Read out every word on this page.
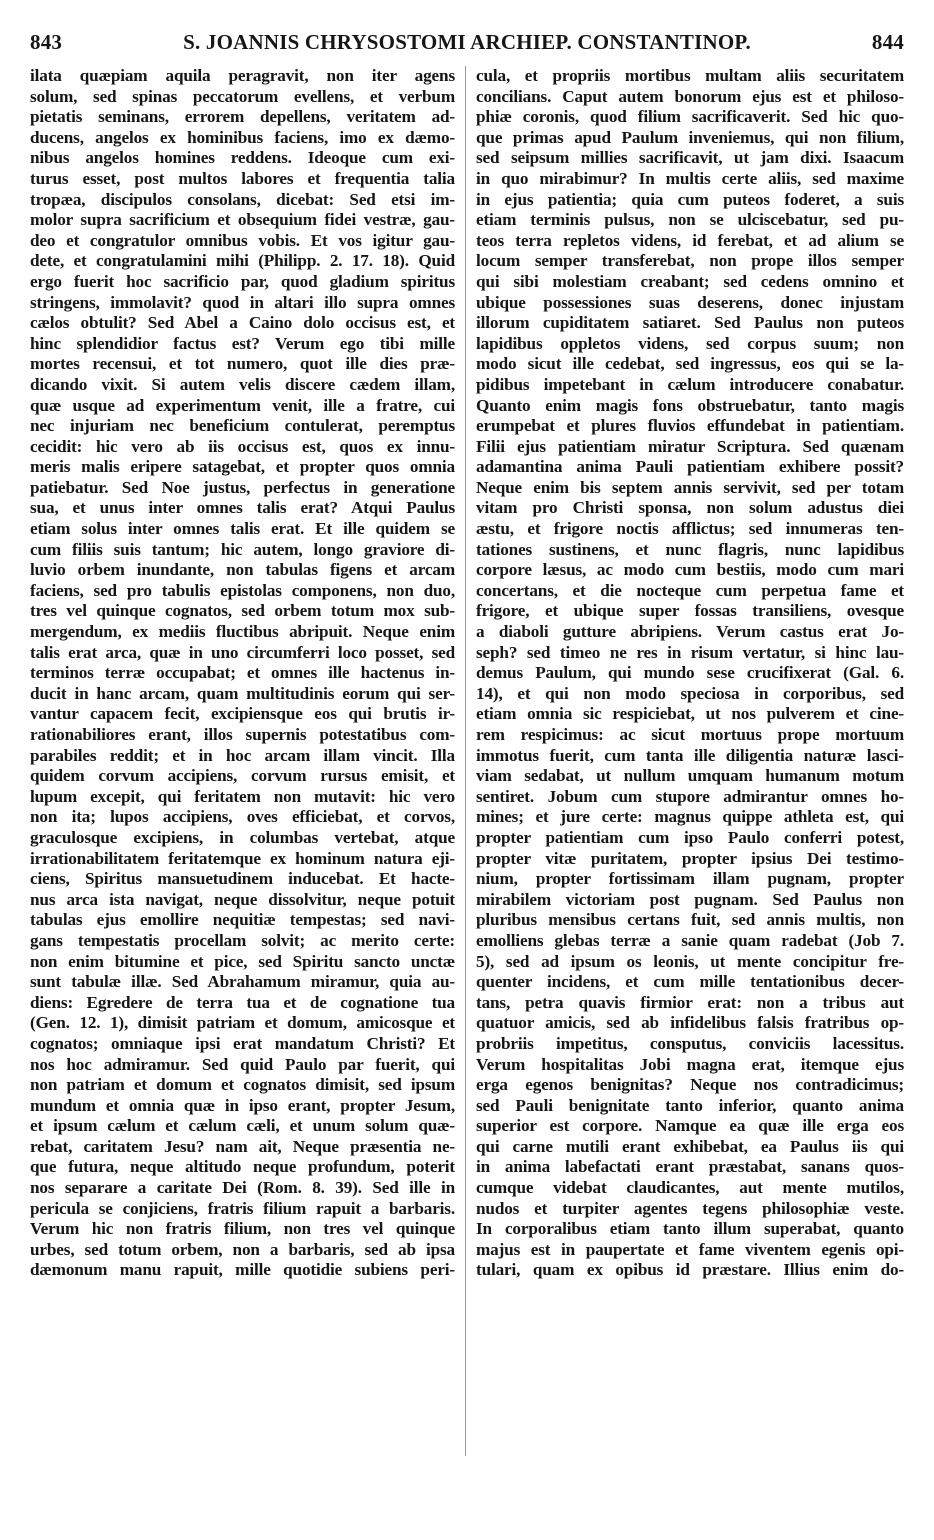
843	S. JOANNIS CHRYSOSTOMI ARCHIEP. CONSTANTINOP.	844
ilata quæpiam aquila peragravit, non iter agens
solum, sed spinas peccatorum evellens, et verbum
pietatis seminans, errorem depellens, veritatem ad-
ducens, angelos ex hominibus faciens, imo ex dæmo-
nibus angelos homines reddens. Ideoque cum exi-
turus esset, post multos labores et frequentia talia
tropæa, discipulos consolans, dicebat: Sed etsi im-
molor supra sacrificium et obsequium fidei vestræ, gau-
deo et congratulor omnibus vobis. Et vos igitur gau-
dete, et congratulamini mihi (Philipp. 2. 17. 18). Quid
ergo fuerit hoc sacrificio par, quod gladium spiritus
stringens, immolavit? quod in altari illo supra omnes
cælos obtulit? Sed Abel a Caino dolo occisus est, et
hinc splendidior factus est? Verum ego tibi mille
mortes recensui, et tot numero, quot ille dies præ-
dicando vixit. Si autem velis discere cædem illam,
quæ usque ad experimentum venit, ille a fratre, cui
nec injuriam nec beneficium contulerat, peremptus
cecidit: hic vero ab iis occisus est, quos ex innu-
meris malis eripere satagebat, et propter quos omnia
patiebatur. Sed Noe justus, perfectus in generatione
sua, et unus inter omnes talis erat? Atqui Paulus
etiam solus inter omnes talis erat. Et ille quidem se
cum filiis suis tantum; hic autem, longo graviore di-
luvio orbem inundante, non tabulas figens et arcam
faciens, sed pro tabulis epistolas componens, non duo,
tres vel quinque cognatos, sed orbem totum mox sub-
mergendum, ex mediis fluctibus abripuit. Neque enim
talis erat arca, quæ in uno circumferri loco posset, sed
terminos terræ occupabat; et omnes ille hactenus in-
ducit in hanc arcam, quam multitudinis eorum qui ser-
vantur capacem fecit, excipiensque eos qui brutis ir-
rationabiliores erant, illos supernis potestatibus com-
parabiles reddit; et in hoc arcam illam vincit. Illa
quidem corvum accipiens, corvum rursus emisit, et
lupum excepit, qui feritatem non mutavit: hic vero
non ita; lupos accipiens, oves efficiebat, et corvos,
graculosque excipiens, in columbas vertebat, atque
irrationabilitatem feritatemque ex hominum natura eji-
ciens, Spiritus mansuetudinem inducebat. Et hacte-
nus arca ista navigat, neque dissolvitur, neque potuit
tabulas ejus emollire nequitiæ tempestas; sed navi-
gans tempestatis procellam solvit; ac merito certe:
non enim bitumine et pice, sed Spiritu sancto unctæ
sunt tabulæ illæ. Sed Abrahamum miramur, quia au-
diens: Egredere de terra tua et de cognatione tua
(Gen. 12. 1), dimisit patriam et domum, amicosque et
cognatos; omniaque ipsi erat mandatum Christi? Et
nos hoc admiramur. Sed quid Paulo par fuerit, qui
non patriam et domum et cognatos dimisit, sed ipsum
mundum et omnia quæ in ipso erant, propter Jesum,
et ipsum cælum et cælum cæli, et unum solum quæ-
rebat, caritatem Jesu? nam ait, Neque præsentia ne-
que futura, neque altitudo neque profundum, poterit
nos separare a caritate Dei (Rom. 8. 39). Sed ille in
pericula se conjiciens, fratris filium rapuit a barbaris.
Verum hic non fratris filium, non tres vel quinque
urbes, sed totum orbem, non a barbaris, sed ab ipsa
dæmonum manu rapuit, mille quotidie subiens peri-
cula, et propriis mortibus multam aliis securitatem
concilians. Caput autem bonorum ejus est et philoso-
phiæ coronis, quod filium sacrificaverit. Sed hic quo-
que primas apud Paulum inveniemus, qui non filium,
sed seipsum millies sacrificavit, ut jam dixi. Isaacum
in quo mirabimur? In multis certe aliis, sed maxime
in ejus patientia; quia cum puteos foderet, a suis
etiam terminis pulsus, non se ulciscebatur, sed pu-
teos terra repletos videns, id ferebat, et ad alium se
locum semper transferebat, non prope illos semper
qui sibi molestiam creabant; sed cedens omnino et
ubique possessiones suas deserens, donec injustam
illorum cupiditatem satiaret. Sed Paulus non puteos
lapidibus oppletos videns, sed corpus suum; non
modo sicut ille cedebat, sed ingressus, eos qui se la-
pidibus impetebant in cælum introducere conabatur.
Quanto enim magis fons obstruebatur, tanto magis
erumpebat et plures fluvios effundebat in patientiam.
Filii ejus patientiam miratur Scriptura. Sed quænam
adamantina anima Pauli patientiam exhibere possit?
Neque enim bis septem annis servivit, sed per totam
vitam pro Christi sponsa, non solum adustus diei
æstu, et frigore noctis afflictus; sed innumeras ten-
tationes sustinens, et nunc flagris, nunc lapidibus
corpore læsus, ac modo cum bestiis, modo cum mari
concertans, et die nocteque cum perpetua fame et
frigore, et ubique super fossas transiliens, ovesque
a diaboli gutture abripiens. Verum castus erat Jo-
seph? sed timeo ne res in risum vertatur, si hinc lau-
demus Paulum, qui mundo sese crucifixerat (Gal. 6.
14), et qui non modo speciosa in corporibus, sed
etiam omnia sic respiciebat, ut nos pulverem et cine-
rem respicimus: ac sicut mortuus prope mortuum
immotus fuerit, cum tanta ille diligentia naturæ lasci-
viam sedabat, ut nullum umquam humanum motum
sentiret. Jobum cum stupore admirantur omnes ho-
mines; et jure certe: magnus quippe athleta est, qui
propter patientiam cum ipso Paulo conferri potest,
propter vitæ puritatem, propter ipsius Dei testimo-
nium, propter fortissimam illam pugnam, propter
mirabilem victoriam post pugnam. Sed Paulus non
pluribus mensibus certans fuit, sed annis multis, non
emolliens glebas terræ a sanie quam radebat (Job 7.
5), sed ad ipsum os leonis, ut mente concipitur fre-
quenter incidens, et cum mille tentationibus decer-
tans, petra quavis firmior erat: non a tribus aut
quatuor amicis, sed ab infidelibus falsis fratribus op-
probriis impetitus, consputus, conviciis lacessitus.
Verum hospitalitas Jobi magna erat, itemque ejus
erga egenos benignitas? Neque nos contradicimus;
sed Pauli benignitate tanto inferior, quanto anima
superior est corpore. Namque ea quæ ille erga eos
qui carne mutili erant exhibebat, ea Paulus iis qui
in anima labefactati erant præstabat, sanans quos-
cumque videbat claudicantes, aut mente mutilos,
nudos et turpiter agentes tegens philosophiæ veste.
In corporalibus etiam tanto illum superabat, quanto
majus est in paupertate et fame viventem egenis opi-
tulari, quam ex opibus id præstare. Illius enim do-
